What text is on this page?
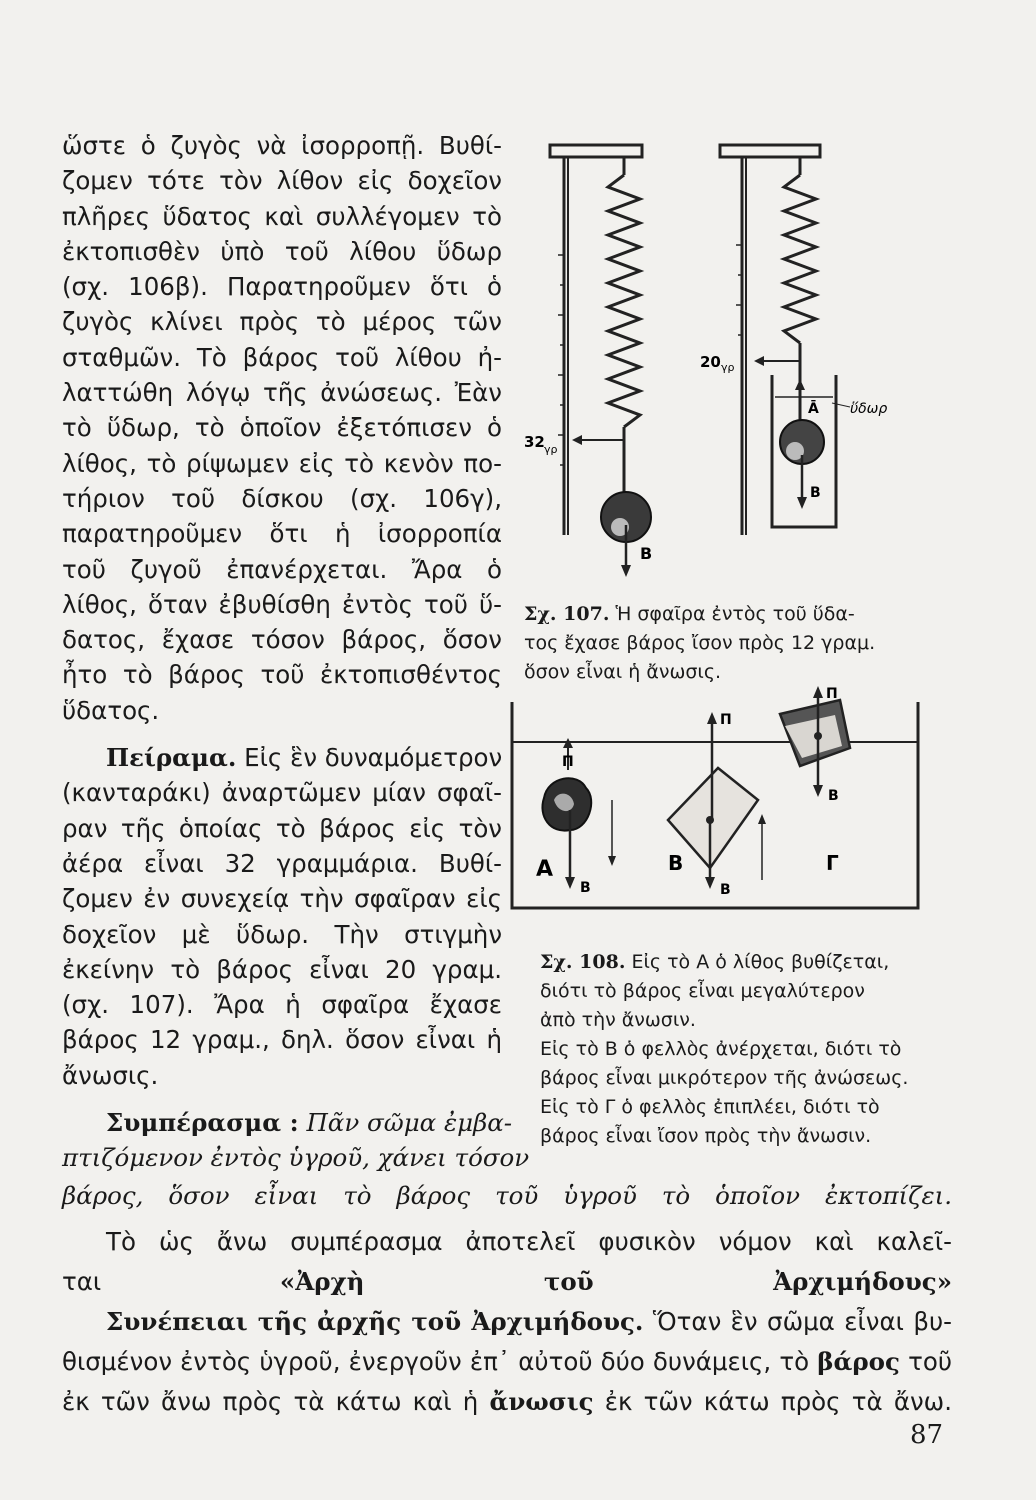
ὥστε ὁ ζυγὸς νὰ ἰσορροπῇ. Βυθί-
ζομεν τότε τὸν λίθον εἰς δοχεῖον
πλῆρες ὕδατος καὶ συλλέγομεν τὸ
ἐκτοπισθὲν ὑπὸ τοῦ λίθου ὕδωρ
(σχ. 106β). Παρατηροῦμεν ὅτι ὁ
ζυγὸς κλίνει πρὸς τὸ μέρος τῶν
σταθμῶν. Τὸ βάρος τοῦ λίθου ἠ-
λαττώθη λόγῳ τῆς ἀνώσεως. Ἐὰν
τὸ ὕδωρ, τὸ ὁποῖον ἐξετόπισεν ὁ
λίθος, τὸ ρίψωμεν εἰς τὸ κενὸν πο-
τήριον τοῦ δίσκου (σχ. 106γ),
παρατηροῦμεν ὅτι ἡ ἰσορροπία
τοῦ ζυγοῦ ἐπανέρχεται. Ἄρα ὁ
λίθος, ὅταν ἐβυθίσθη ἐντὸς τοῦ ὕ-
δατος, ἔχασε τόσον βάρος, ὅσον
ἦτο τὸ βάρος τοῦ ἐκτοπισθέντος
ὕδατος.
Πείραμα. Εἰς ἓν δυναμόμετρον
(κανταράκι) ἀναρτῶμεν μίαν σφαῖ-
ραν τῆς ὁποίας τὸ βάρος εἰς τὸν
ἀέρα εἶναι 32 γραμμάρια. Βυθί-
ζομεν ἐν συνεχείᾳ τὴν σφαῖραν εἰς
δοχεῖον μὲ ὕδωρ. Τὴν στιγμὴν
ἐκείνην τὸ βάρος εἶναι 20 γραμ.
(σχ. 107). Ἄρα ἡ σφαῖρα ἔχασε
βάρος 12 γραμ., δηλ. ὅσον εἶναι ἡ
ἄνωσις.
Συμπέρασμα : Πᾶν σῶμα ἐμβα-
πτιζόμενον ἐντὸς ὑγροῦ, χάνει τόσον
32 γρ
Β
20 γρ
ὕδωρ
Ā
Β
Σχ. 107. Ἡ σφαῖρα ἐντὸς τοῦ ὕδα-
τος ἔχασε βάρος ἴσον πρὸς 12 γραμ.
ὅσον εἶναι ἡ ἄνωσις.
Π
Β
Α
Π
Β
Β
Π
Β
Γ
Σχ. 108. Εἰς τὸ Α ὁ λίθος βυθίζεται,
διότι τὸ βάρος εἶναι μεγαλύτερον
ἀπὸ τὴν ἄνωσιν.
Εἰς τὸ Β ὁ φελλὸς ἀνέρχεται, διότι τὸ
βάρος εἶναι μικρότερον τῆς ἀνώσεως.
Εἰς τὸ Γ ὁ φελλὸς ἐπιπλέει, διότι τὸ
βάρος εἶναι ἴσον πρὸς τὴν ἄνωσιν.
βάρος, ὅσον εἶναι τὸ βάρος τοῦ ὑγροῦ τὸ ὁποῖον ἐκτοπίζει.
Τὸ ὡς ἄνω συμπέρασμα ἀποτελεῖ φυσικὸν νόμον καὶ καλεῖ-
ται «Ἀρχὴ τοῦ Ἀρχιμήδους»
Συνέπειαι τῆς ἀρχῆς τοῦ Ἀρχιμήδους. Ὅταν ἓν σῶμα εἶναι βυ-
θισμένον ἐντὸς ὑγροῦ, ἐνεργοῦν ἐπ᾽ αὐτοῦ δύο δυνάμεις, τὸ βάρος τοῦ
ἐκ τῶν ἄνω πρὸς τὰ κάτω καὶ ἡ ἄνωσις ἐκ τῶν κάτω πρὸς τὰ ἄνω.
87
